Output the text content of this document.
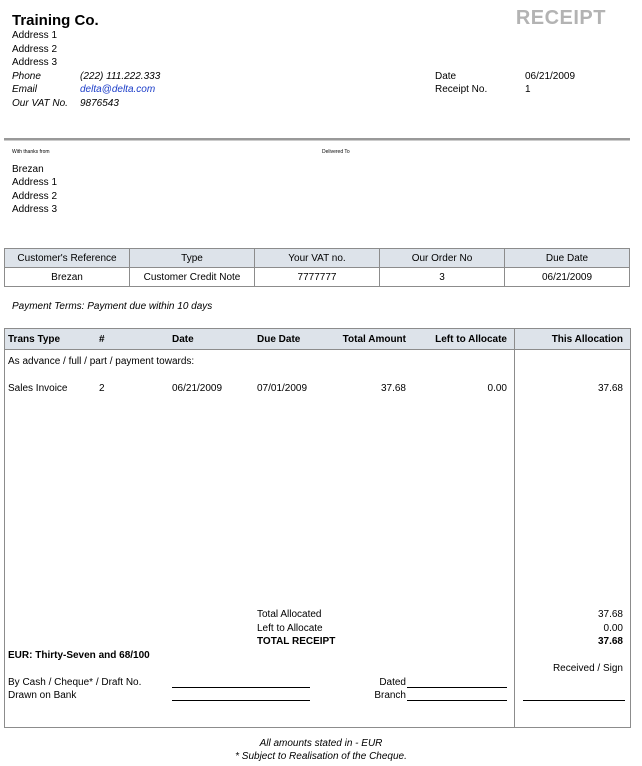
Training Co.
Address 1
Address 2
Address 3
Phone	(222) 111.222.333
Email	delta@delta.com
Our VAT No. 9876543
RECEIPT
Date	06/21/2009
Receipt No.	1
With thanks from	Delivered To
Brezan
Address 1
Address 2
Address 3
Customer's Reference	Type	Your VAT no.	Our Order No	Due Date
Brezan	Customer Credit Note	7777777	3	06/21/2009
Payment Terms: Payment due within 10 days
Trans Type	#	Date	Due Date	Total Amount	Left to Allocate	This Allocation
As advance / full / part / payment towards:
Sales Invoice	2	06/21/2009	07/01/2009	37.68	0.00	37.68
Total Allocated	37.68
Left to Allocate	0.00
TOTAL RECEIPT	37.68
EUR: Thirty-Seven and 68/100
Received / Sign
By Cash / Cheque* / Draft No.
Drawn on Bank
Dated
Branch
All amounts stated in - EUR
* Subject to Realisation of the Cheque.
